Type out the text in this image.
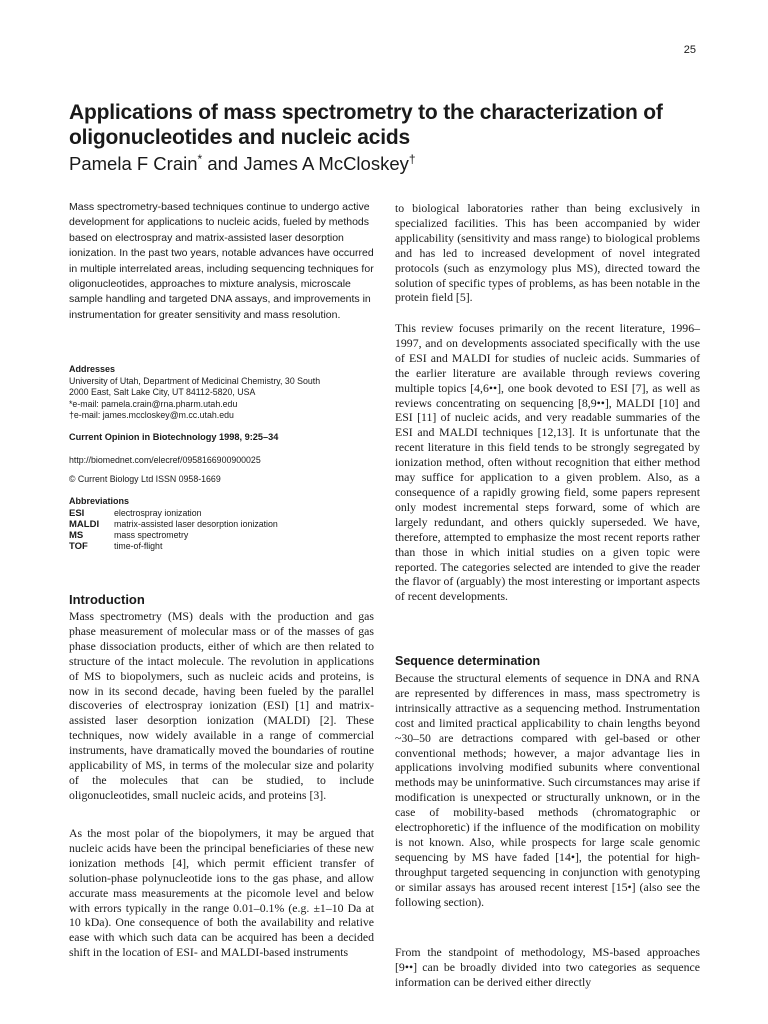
25
Applications of mass spectrometry to the characterization of oligonucleotides and nucleic acids
Pamela F Crain* and James A McCloskey†

Mass spectrometry-based techniques continue to undergo active development for applications to nucleic acids, fueled by methods based on electrospray and matrix-assisted laser desorption ionization. In the past two years, notable advances have occurred in multiple interrelated areas, including sequencing techniques for oligonucleotides, approaches to mixture analysis, microscale sample handling and targeted DNA assays, and improvements in instrumentation for greater sensitivity and mass resolution.

Addresses

University of Utah, Department of Medicinal Chemistry, 30 South

2000 East, Salt Lake City, UT 84112-5820, USA

*e-mail: pamela.crain@rna.pharm.utah.edu

†e-mail: james.mccloskey@m.cc.utah.edu

Current Opinion in Biotechnology 1998, 9:25–34
http://biomednet.com/elecref/0958166900900025
© Current Biology Ltd ISSN 0958-1669
Abbreviations
ESI	electrospray ionization
MALDI	matrix-assisted laser desorption ionization
MS	mass spectrometry
TOF	time-of-flight
Introduction

Mass spectrometry (MS) deals with the production and gas phase measurement of molecular mass or of the masses of gas phase dissociation products, either of which are then related to structure of the intact molecule. The revolution in applications of MS to biopolymers, such as nucleic acids and proteins, is now in its second decade, having been fueled by the parallel discoveries of electrospray ionization (ESI) [1] and matrix-assisted laser desorption ionization (MALDI) [2]. These techniques, now widely available in a range of commercial instruments, have dramatically moved the boundaries of routine applicability of MS, in terms of the molecular size and polarity of the molecules that can be studied, to include oligonucleotides, small nucleic acids, and proteins [3].

As the most polar of the biopolymers, it may be argued that nucleic acids have been the principal beneficiaries of these new ionization methods [4], which permit efficient transfer of solution-phase polynucleotide ions to the gas phase, and allow accurate mass measurements at the picomole level and below with errors typically in the range 0.01–0.1% (e.g. ±1–10 Da at 10 kDa). One consequence of both the availability and relative ease with which such data can be acquired has been a decided shift in the location of ESI- and MALDI-based instruments

to biological laboratories rather than being exclusively in specialized facilities. This has been accompanied by wider applicability (sensitivity and mass range) to biological problems and has led to increased development of novel integrated protocols (such as enzymology plus MS), directed toward the solution of specific types of problems, as has been notable in the protein field [5].

This review focuses primarily on the recent literature, 1996–1997, and on developments associated specifically with the use of ESI and MALDI for studies of nucleic acids. Summaries of the earlier literature are available through reviews covering multiple topics [4,6••], one book devoted to ESI [7], as well as reviews concentrating on sequencing [8,9••], MALDI [10] and ESI [11] of nucleic acids, and very readable summaries of the ESI and MALDI techniques [12,13]. It is unfortunate that the recent literature in this field tends to be strongly segregated by ionization method, often without recognition that either method may suffice for application to a given problem. Also, as a consequence of a rapidly growing field, some papers represent only modest incremental steps forward, some of which are largely redundant, and others quickly superseded. We have, therefore, attempted to emphasize the most recent reports rather than those in which initial studies on a given topic were reported. The categories selected are intended to give the reader the flavor of (arguably) the most interesting or important aspects of recent developments.

Sequence determination

Because the structural elements of sequence in DNA and RNA are represented by differences in mass, mass spectrometry is intrinsically attractive as a sequencing method. Instrumentation cost and limited practical applicability to chain lengths beyond ~30–50 are detractions compared with gel-based or other conventional methods; however, a major advantage lies in applications involving modified subunits where conventional methods may be uninformative. Such circumstances may arise if modification is unexpected or structurally unknown, or in the case of mobility-based methods (chromatographic or electrophoretic) if the influence of the modification on mobility is not known. Also, while prospects for large scale genomic sequencing by MS have faded [14•], the potential for high-throughput targeted sequencing in conjunction with genotyping or similar assays has aroused recent interest [15•] (also see the following section).

From the standpoint of methodology, MS-based approaches [9••] can be broadly divided into two categories as sequence information can be derived either directly
